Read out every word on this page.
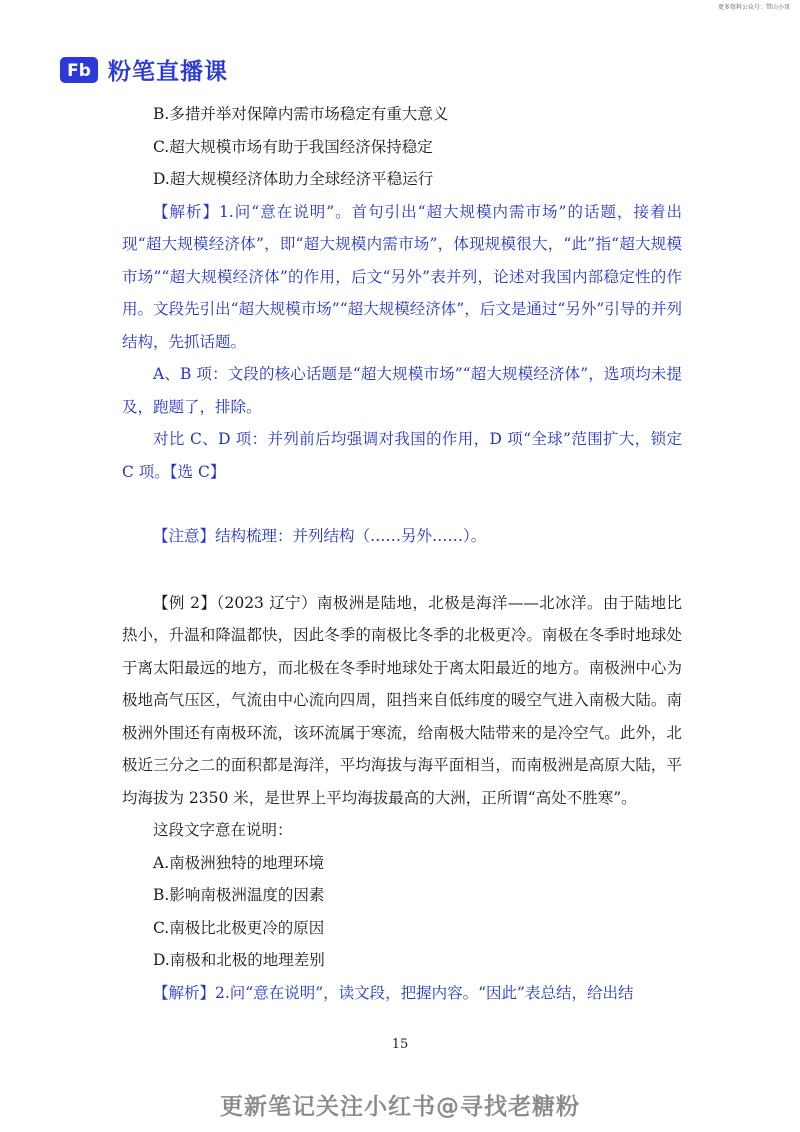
更多资料公众号：带山小哥
Fb 粉笔直播课

B.多措并举对保障内需市场稳定有重大意义

C.超大规模市场有助于我国经济保持稳定

D.超大规模经济体助力全球经济平稳运行

【解析】1.问“意在说明”。首句引出“超大规模内需市场”的话题，接着出现“超大规模经济体”，即“超大规模内需市场”，体现规模很大，“此”指“超大规模市场”“超大规模经济体”的作用，后文“另外”表并列，论述对我国内部稳定性的作用。文段先引出“超大规模市场”“超大规模经济体”，后文是通过“另外”引导的并列结构，先抓话题。

A、B 项：文段的核心话题是“超大规模市场”“超大规模经济体”，选项均未提及，跑题了，排除。

对比 C、D 项：并列前后均强调对我国的作用，D 项“全球”范围扩大，锁定 C 项。【选 C】

【注意】结构梳理：并列结构（……另外……）。

【例 2】（2023 辽宁）南极洲是陆地，北极是海洋——北冰洋。由于陆地比热小，升温和降温都快，因此冬季的南极比冬季的北极更冷。南极在冬季时地球处于离太阳最远的地方，而北极在冬季时地球处于离太阳最近的地方。南极洲中心为极地高气压区，气流由中心流向四周，阻挡来自低纬度的暖空气进入南极大陆。南极洲外围还有南极环流，该环流属于寒流，给南极大陆带来的是冷空气。此外，北极近三分之二的面积都是海洋，平均海拔与海平面相当，而南极洲是高原大陆，平均海拔为 2350 米，是世界上平均海拔最高的大洲，正所谓“高处不胜寒”。

这段文字意在说明：

A.南极洲独特的地理环境

B.影响南极洲温度的因素

C.南极比北极更冷的原因

D.南极和北极的地理差别

【解析】2.问“意在说明”，读文段，把握内容。“因此”表总结，给出结

15
更新笔记关注小红书@寻找老糖粉
